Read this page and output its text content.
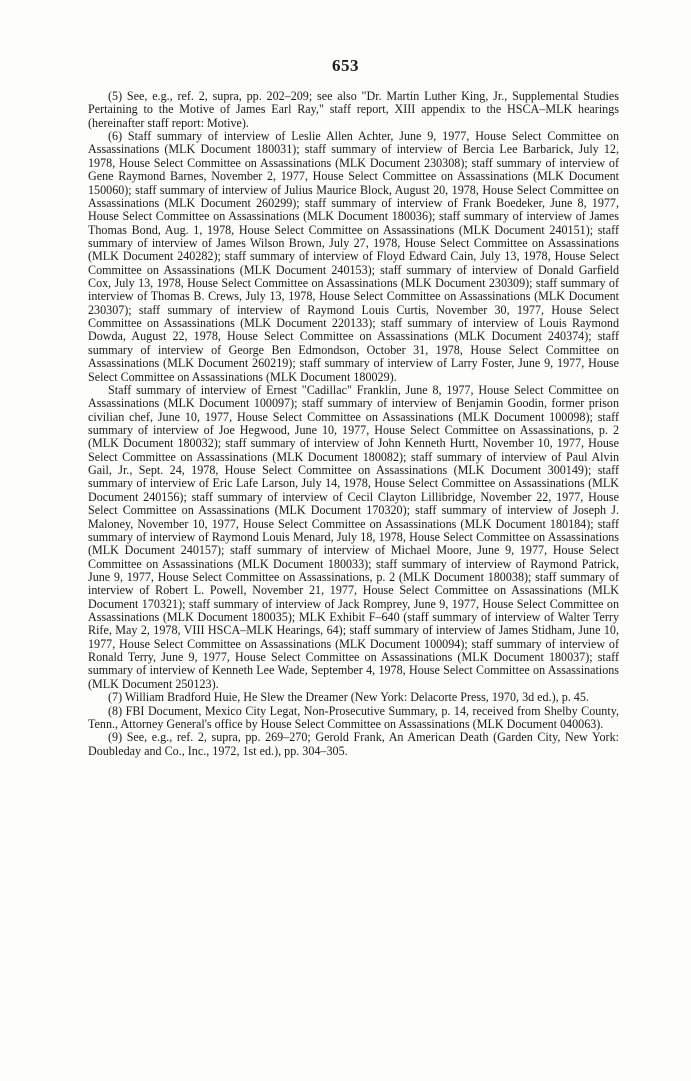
653

(5) See, e.g., ref. 2, supra, pp. 202–209; see also "Dr. Martin Luther King, Jr., Supplemental Studies Pertaining to the Motive of James Earl Ray," staff report, XIII appendix to the HSCA–MLK hearings (hereinafter staff report: Motive).

(6) Staff summary of interview of Leslie Allen Achter, June 9, 1977, House Select Committee on Assassinations (MLK Document 180031); staff summary of interview of Bercia Lee Barbarick, July 12, 1978, House Select Committee on Assassinations (MLK Document 230308); staff summary of interview of Gene Raymond Barnes, November 2, 1977, House Select Committee on Assassinations (MLK Document 150060); staff summary of interview of Julius Maurice Block, August 20, 1978, House Select Committee on Assassinations (MLK Document 260299); staff summary of interview of Frank Boedeker, June 8, 1977, House Select Committee on Assassinations (MLK Document 180036); staff summary of interview of James Thomas Bond, Aug. 1, 1978, House Select Committee on Assassinations (MLK Document 240151); staff summary of interview of James Wilson Brown, July 27, 1978, House Select Committee on Assassinations (MLK Document 240282); staff summary of interview of Floyd Edward Cain, July 13, 1978, House Select Committee on Assassinations (MLK Document 240153); staff summary of interview of Donald Garfield Cox, July 13, 1978, House Select Committee on Assassinations (MLK Document 230309); staff summary of interview of Thomas B. Crews, July 13, 1978, House Select Committee on Assassinations (MLK Document 230307); staff summary of interview of Raymond Louis Curtis, November 30, 1977, House Select Committee on Assassinations (MLK Document 220133); staff summary of interview of Louis Raymond Dowda, August 22, 1978, House Select Committee on Assassinations (MLK Document 240374); staff summary of interview of George Ben Edmondson, October 31, 1978, House Select Committee on Assassinations (MLK Document 260219); staff summary of interview of Larry Foster, June 9, 1977, House Select Committee on Assassinations (MLK Document 180029).

Staff summary of interview of Ernest "Cadillac" Franklin, June 8, 1977, House Select Committee on Assassinations (MLK Document 100097); staff summary of interview of Benjamin Goodin, former prison civilian chef, June 10, 1977, House Select Committee on Assassinations (MLK Document 100098); staff summary of interview of Joe Hegwood, June 10, 1977, House Select Committee on Assassinations, p. 2 (MLK Document 180032); staff summary of interview of John Kenneth Hurtt, November 10, 1977, House Select Committee on Assassinations (MLK Document 180082); staff summary of interview of Paul Alvin Gail, Jr., Sept. 24, 1978, House Select Committee on Assassinations (MLK Document 300149); staff summary of interview of Eric Lafe Larson, July 14, 1978, House Select Committee on Assassinations (MLK Document 240156); staff summary of interview of Cecil Clayton Lillibridge, November 22, 1977, House Select Committee on Assassinations (MLK Document 170320); staff summary of interview of Joseph J. Maloney, November 10, 1977, House Select Committee on Assassinations (MLK Document 180184); staff summary of interview of Raymond Louis Menard, July 18, 1978, House Select Committee on Assassinations (MLK Document 240157); staff summary of interview of Michael Moore, June 9, 1977, House Select Committee on Assassinations (MLK Document 180033); staff summary of interview of Raymond Patrick, June 9, 1977, House Select Committee on Assassinations, p. 2 (MLK Document 180038); staff summary of interview of Robert L. Powell, November 21, 1977, House Select Committee on Assassinations (MLK Document 170321); staff summary of interview of Jack Romprey, June 9, 1977, House Select Committee on Assassinations (MLK Document 180035); MLK Exhibit F–640 (staff summary of interview of Walter Terry Rife, May 2, 1978, VIII HSCA–MLK Hearings, 64); staff summary of interview of James Stidham, June 10, 1977, House Select Committee on Assassinations (MLK Document 100094); staff summary of interview of Ronald Terry, June 9, 1977, House Select Committee on Assassinations (MLK Document 180037); staff summary of interview of Kenneth Lee Wade, September 4, 1978, House Select Committee on Assassinations (MLK Document 250123).

(7) William Bradford Huie, He Slew the Dreamer (New York: Delacorte Press, 1970, 3d ed.), p. 45.

(8) FBI Document, Mexico City Legat, Non-Prosecutive Summary, p. 14, received from Shelby County, Tenn., Attorney General's office by House Select Committee on Assassinations (MLK Document 040063).

(9) See, e.g., ref. 2, supra, pp. 269–270; Gerold Frank, An American Death (Garden City, New York: Doubleday and Co., Inc., 1972, 1st ed.), pp. 304–305.
